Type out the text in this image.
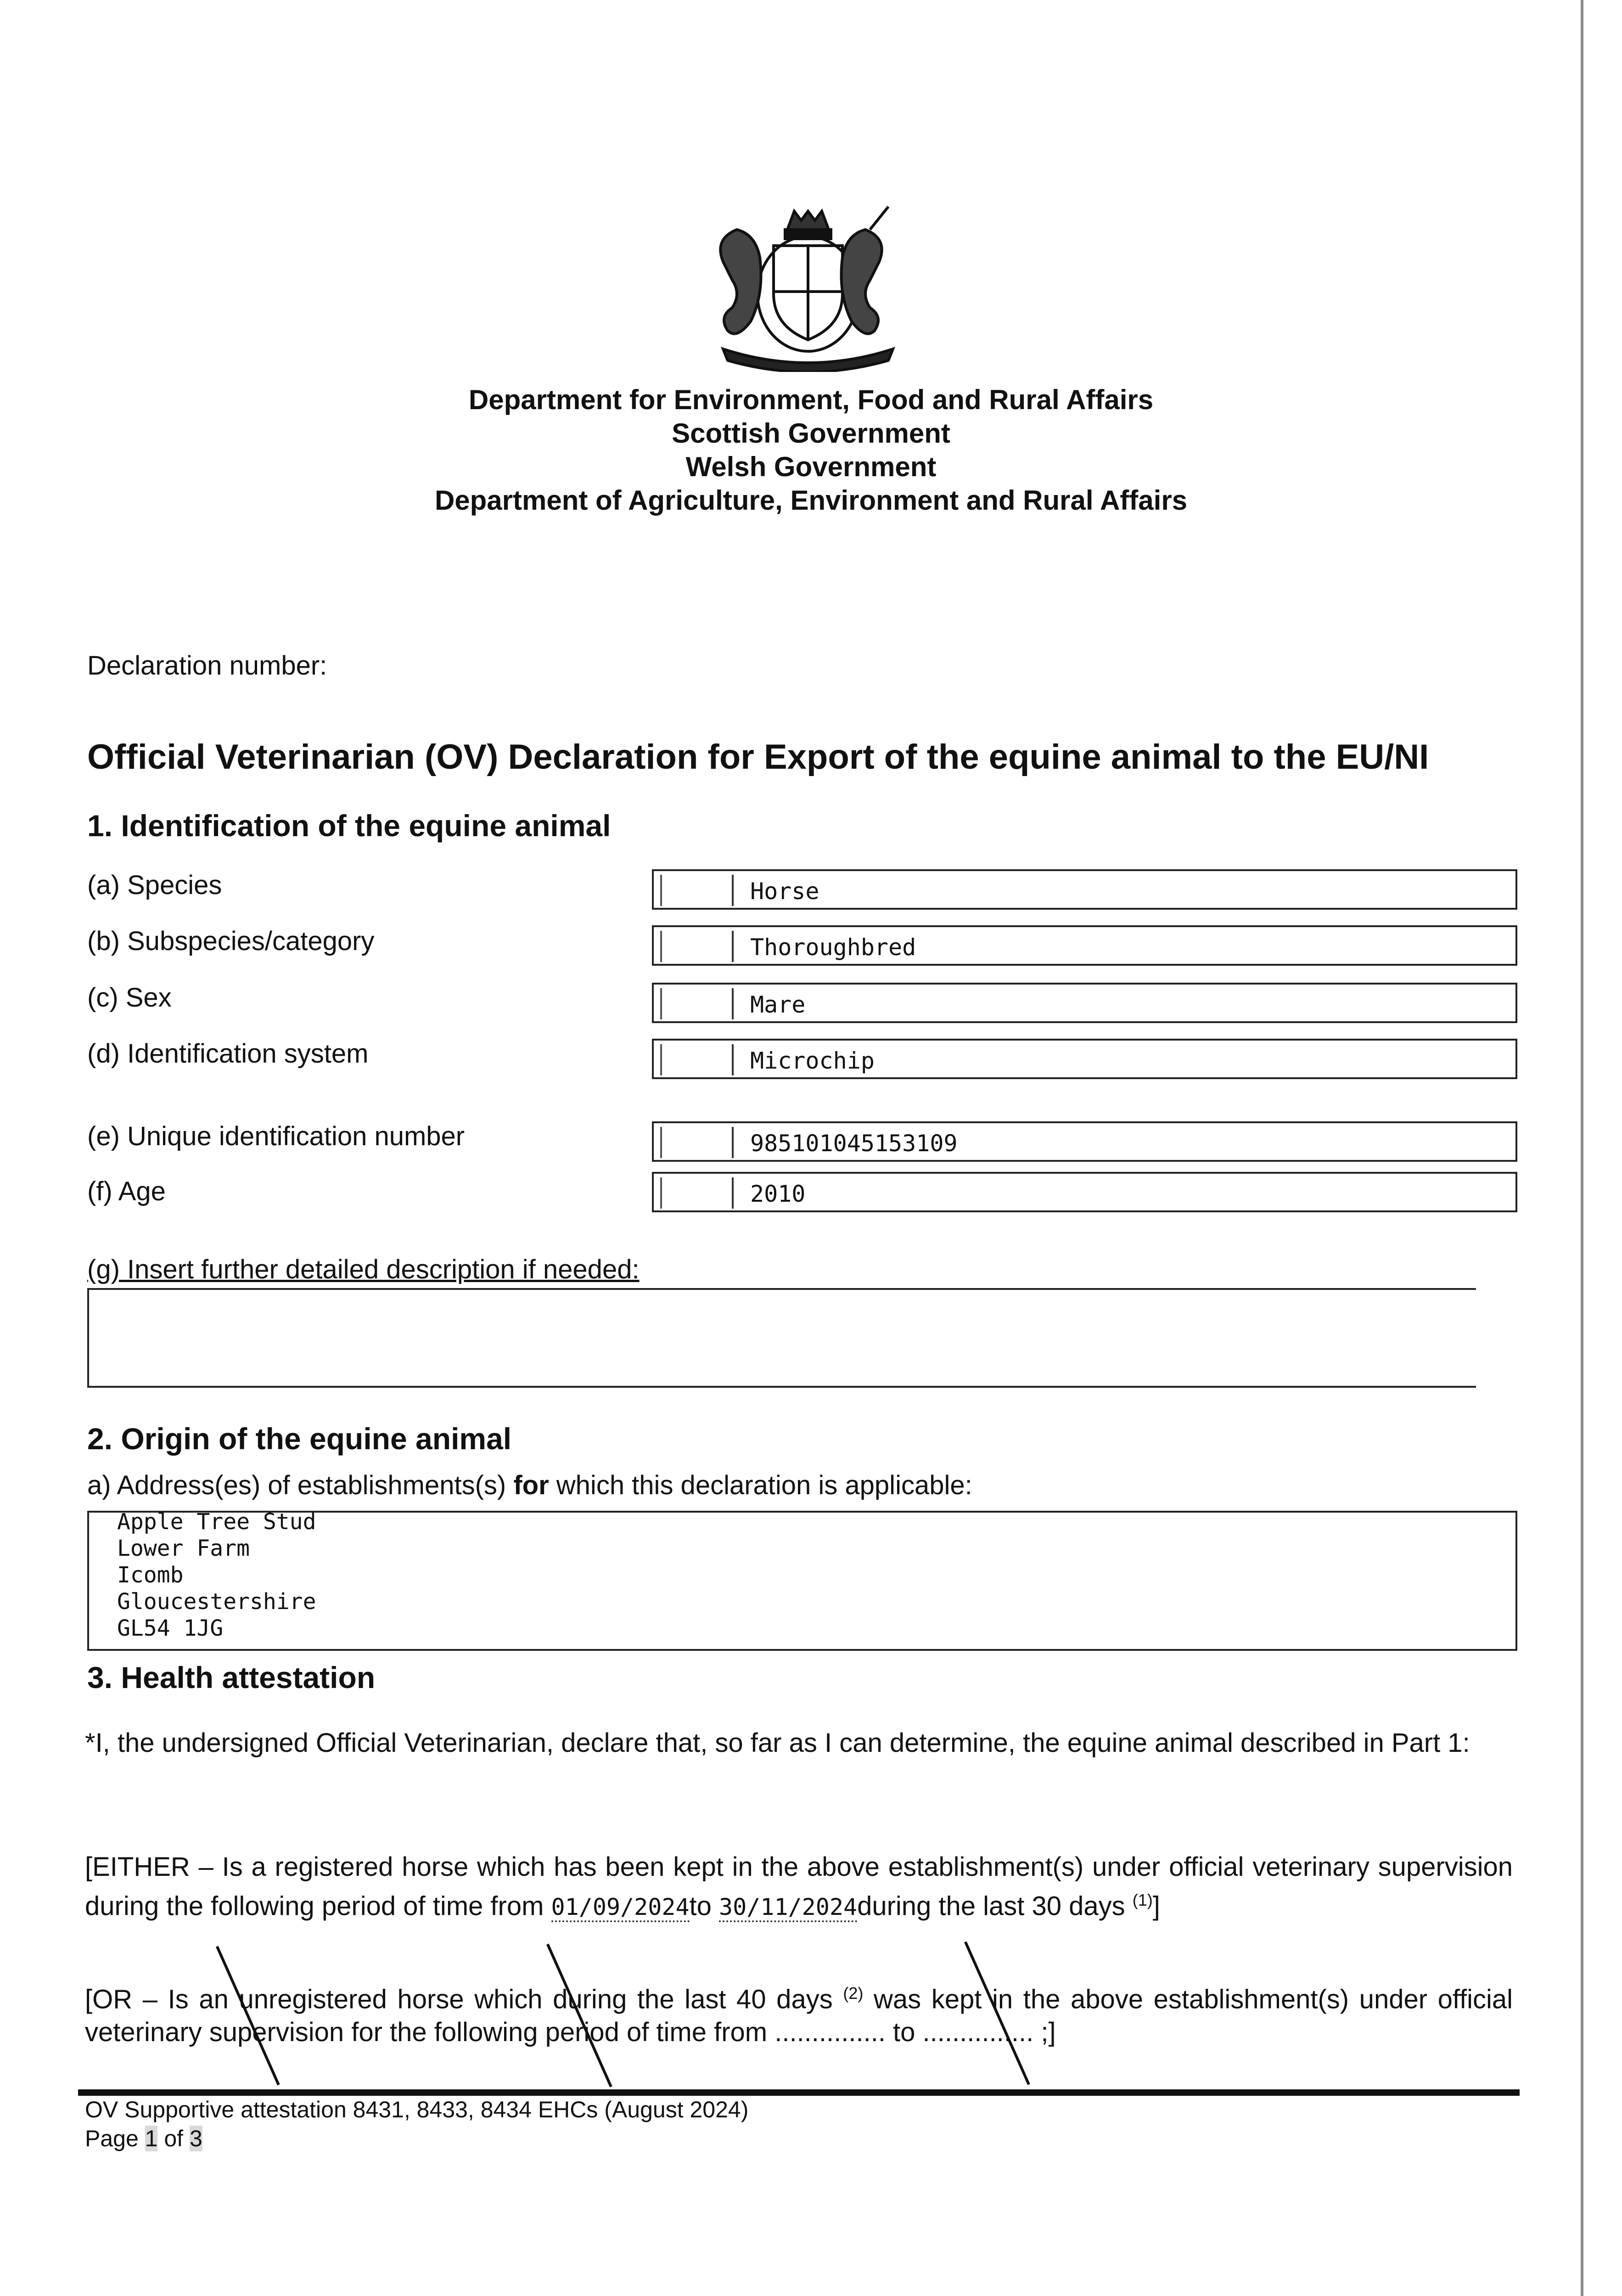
Department for Environment, Food and Rural Affairs
Scottish Government
Welsh Government
Department of Agriculture, Environment and Rural Affairs
Declaration number:
Official Veterinarian (OV) Declaration for Export of the equine animal to the EU/NI
1. Identification of the equine animal
(a) Species	Horse
(b) Subspecies/category	Thoroughbred
(c) Sex	Mare
(d) Identification system	Microchip
(e) Unique identification number	985101045153109
(f) Age	2010
(g) Insert further detailed description if needed:
2. Origin of the equine animal
a) Address(es) of establishments(s) for which this declaration is applicable:
Apple Tree Stud
Lower Farm
Icomb
Gloucestershire
GL54 1JG
3. Health attestation
*I, the undersigned Official Veterinarian, declare that, so far as I can determine, the equine animal described in Part 1:
[EITHER – Is a registered horse which has been kept in the above establishment(s) under official veterinary supervision during the following period of time from 01/09/2024to 30/11/2024during the last 30 days $^{(1)}$]
[OR – Is an unregistered horse which during the last 40 days $^{(2)}$ was kept in the above establishment(s) under official veterinary supervision for the following period of time from ............... to ............... ;]
OV Supportive attestation 8431, 8433, 8434 EHCs (August 2024)
Page 1 of 3
